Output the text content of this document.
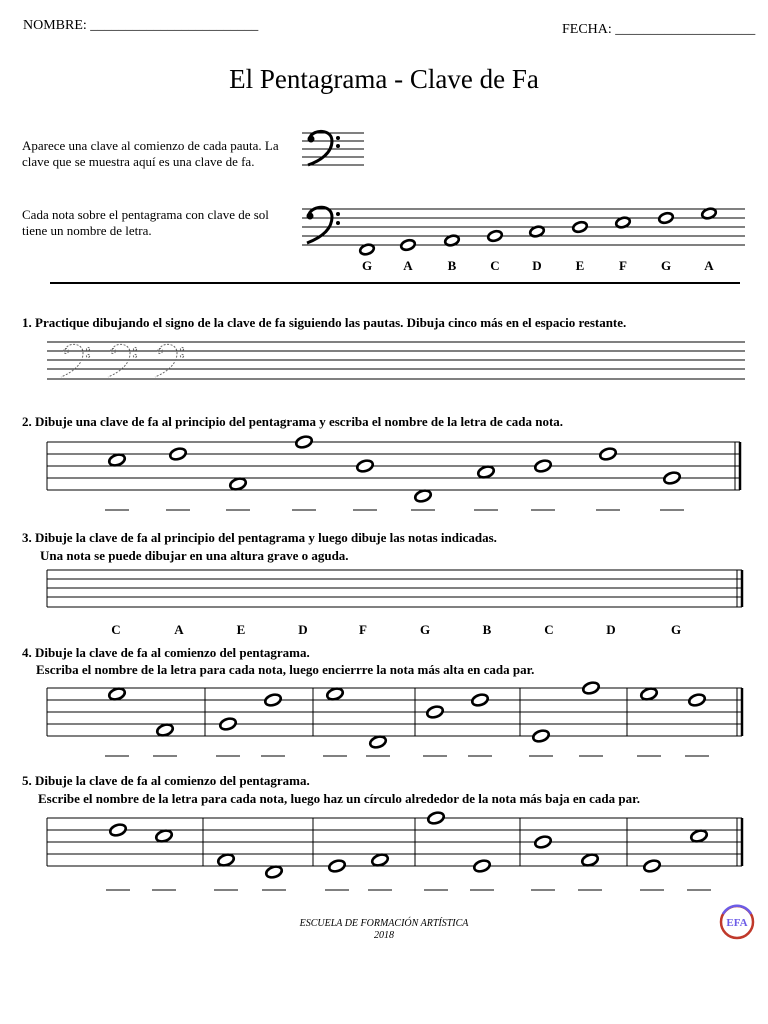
NOMBRE: ________________________	FECHA: ____________________
El Pentagrama - Clave de Fa
Aparece una clave al comienzo de cada pauta. La clave que se muestra aquí es una clave de fa.
Cada nota sobre el pentagrama con clave de sol tiene un nombre de letra.
G A	B	C	D	E	F	G	A
1. Practique dibujando el signo de la clave de fa siguiendo las pautas. Dibuja cinco más en el espacio restante.
2. Dibuje una clave de fa al principio del pentagrama y escriba el nombre de la letra de cada nota.
3. Dibuje la clave de fa al principio del pentagrama y luego dibuje las notas indicadas.
Una nota se puede dibujar en una altura grave o aguda.
C	A	E	D	F	G	B	C	D	G
4. Dibuje la clave de fa al comienzo del pentagrama.
Escriba el nombre de la letra para cada nota, luego encierrre la nota más alta en cada par.
5. Dibuje la clave de fa al comienzo del pentagrama.
Escribe el nombre de la letra para cada nota, luego haz un círculo alrededor de la nota más baja en cada par.
ESCUELA DE FORMACIÓN ARTÍSTICA
2018
EFA
